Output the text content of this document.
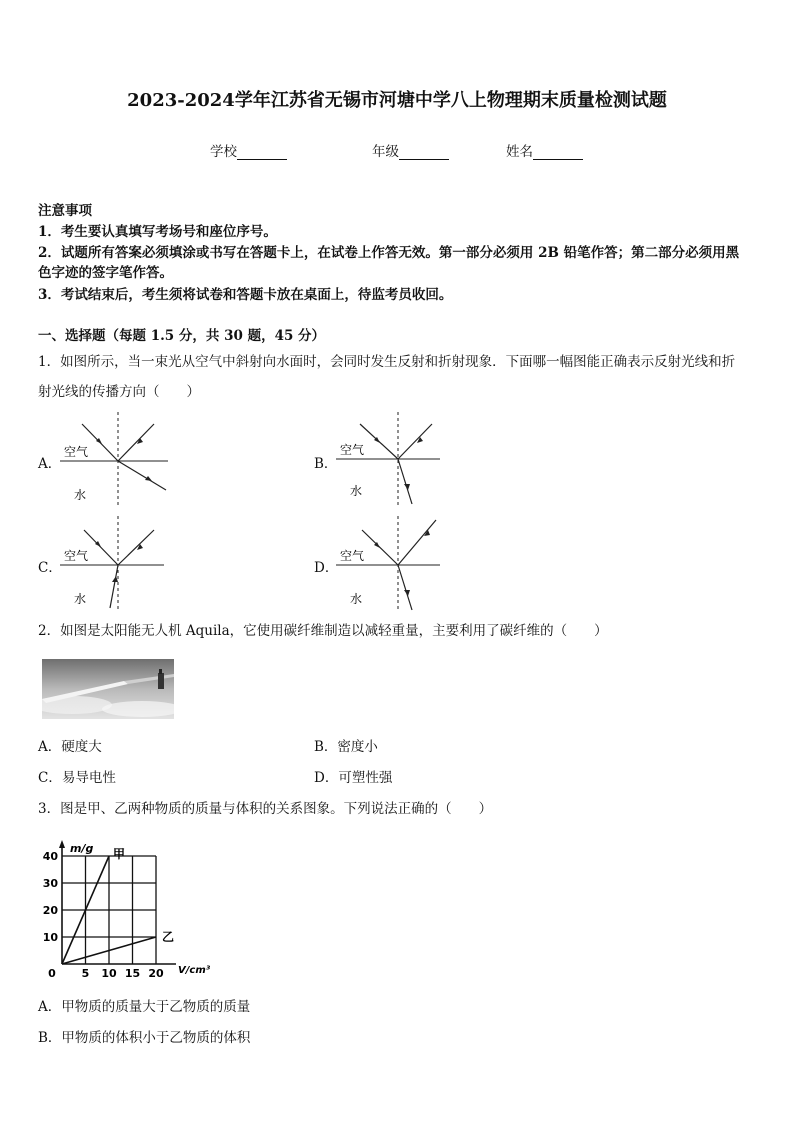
2023-2024学年江苏省无锡市河塘中学八上物理期末质量检测试题
学校	年级	姓名
注意事项
1．考生要认真填写考场号和座位序号。
2．试题所有答案必须填涂或书写在答题卡上，在试卷上作答无效。第一部分必须用 2B 铅笔作答；第二部分必须用黑
色字迹的签字笔作答。
3．考试结束后，考生须将试卷和答题卡放在桌面上，待监考员收回。
一、选择题（每题 1.5 分，共 30 题，45 分）
1．如图所示，当一束光从空气中斜射向水面时，会同时发生反射和折射现象．下面哪一幅图能正确表示反射光线和折
射光线的传播方向（　　）
A．
空气
水
B．
空气
水
C．
空气
水
D．
空气
水
2．如图是太阳能无人机 Aquila，它使用碳纤维制造以减轻重量，主要利用了碳纤维的（　　）
A．硬度大	B．密度小
C．易导电性	D．可塑性强
3．图是甲、乙两种物质的质量与体积的关系图象。下列说法正确的（　　）
0 5 10 15 20
10
20
30
40	甲
乙
m/g
V/cm³
A．甲物质的质量大于乙物质的质量
B．甲物质的体积小于乙物质的体积
